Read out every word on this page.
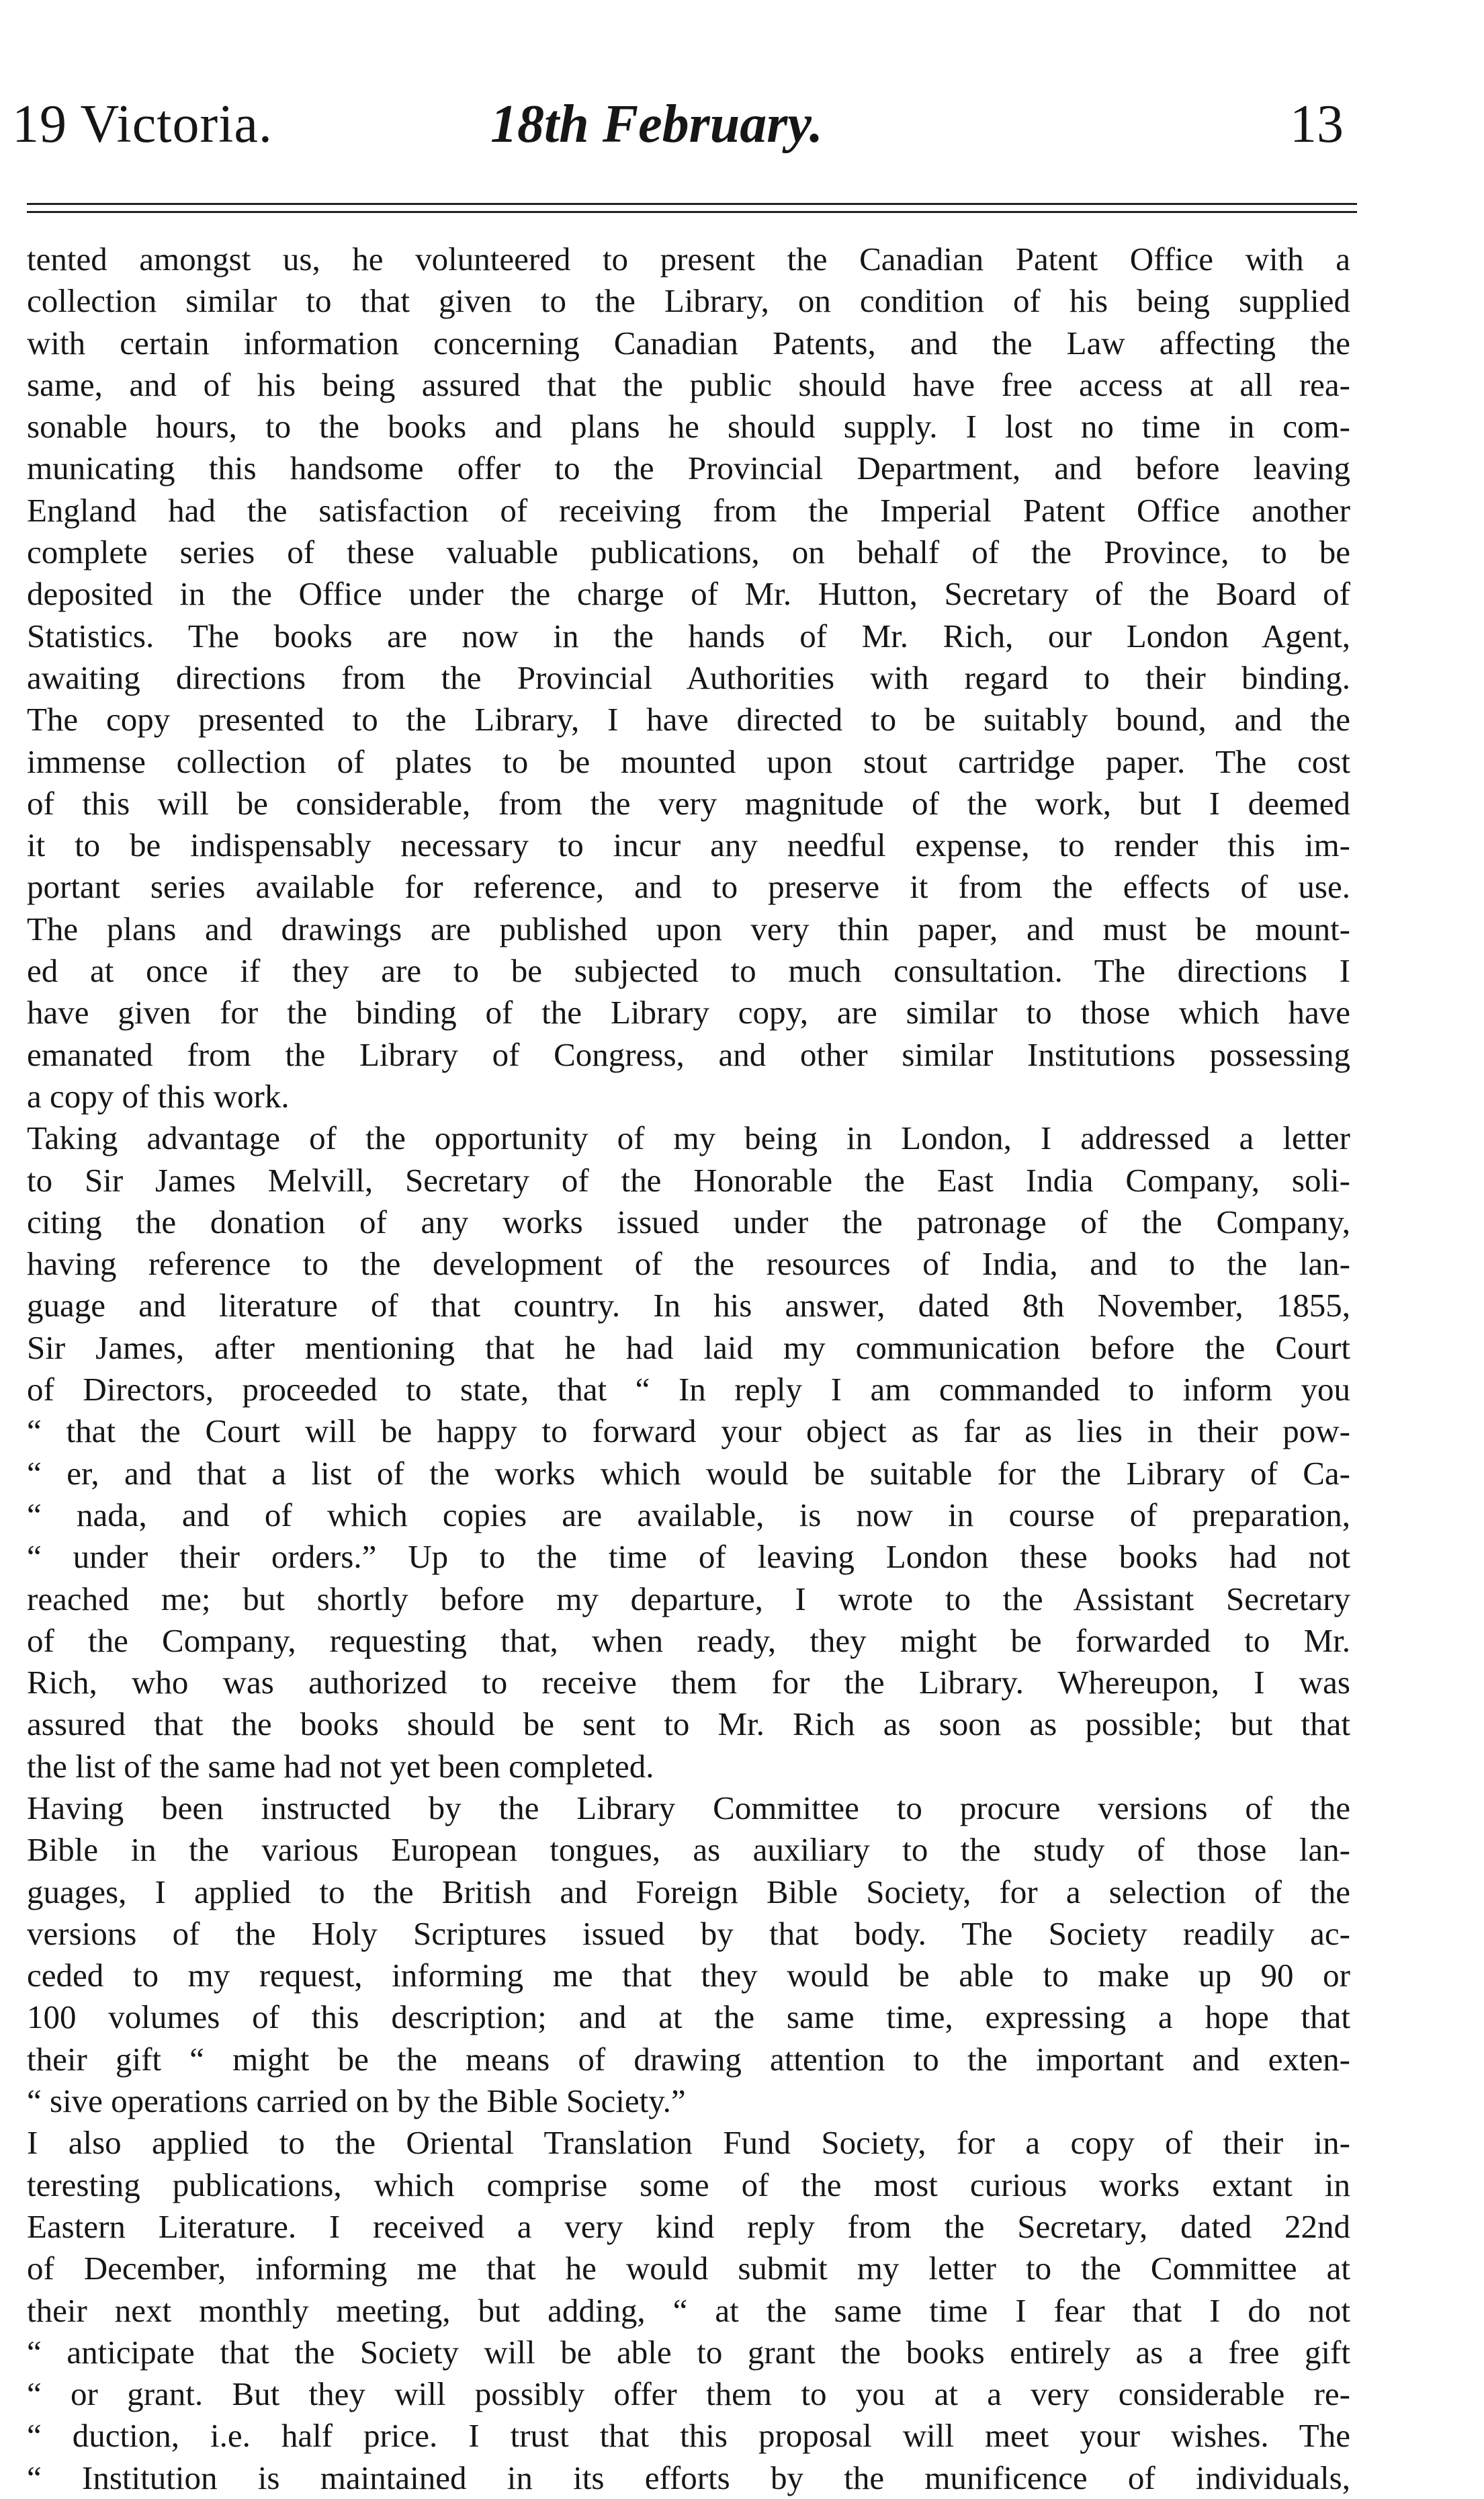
19 Victoria.	18th February.	13
tented amongst us, he volunteered to present the Canadian Patent Office with a
collection similar to that given to the Library, on condition of his being supplied
with certain information concerning Canadian Patents, and the Law affecting the
same, and of his being assured that the public should have free access at all rea-
sonable hours, to the books and plans he should supply. I lost no time in com-
municating this handsome offer to the Provincial Department, and before leaving
England had the satisfaction of receiving from the Imperial Patent Office another
complete series of these valuable publications, on behalf of the Province, to be
deposited in the Office under the charge of Mr. Hutton, Secretary of the Board of
Statistics. The books are now in the hands of Mr. Rich, our London Agent,
awaiting directions from the Provincial Authorities with regard to their binding.
The copy presented to the Library, I have directed to be suitably bound, and the
immense collection of plates to be mounted upon stout cartridge paper. The cost
of this will be considerable, from the very magnitude of the work, but I deemed
it to be indispensably necessary to incur any needful expense, to render this im-
portant series available for reference, and to preserve it from the effects of use.
The plans and drawings are published upon very thin paper, and must be mount-
ed at once if they are to be subjected to much consultation. The directions I
have given for the binding of the Library copy, are similar to those which have
emanated from the Library of Congress, and other similar Institutions possessing
a copy of this work.
Taking advantage of the opportunity of my being in London, I addressed a letter
to Sir James Melvill, Secretary of the Honorable the East India Company, soli-
citing the donation of any works issued under the patronage of the Company,
having reference to the development of the resources of India, and to the lan-
guage and literature of that country. In his answer, dated 8th November, 1855,
Sir James, after mentioning that he had laid my communication before the Court
of Directors, proceeded to state, that “ In reply I am commanded to inform you
“ that the Court will be happy to forward your object as far as lies in their pow-
“ er, and that a list of the works which would be suitable for the Library of Ca-
“ nada, and of which copies are available, is now in course of preparation,
“ under their orders.” Up to the time of leaving London these books had not
reached me; but shortly before my departure, I wrote to the Assistant Secretary
of the Company, requesting that, when ready, they might be forwarded to Mr.
Rich, who was authorized to receive them for the Library. Whereupon, I was
assured that the books should be sent to Mr. Rich as soon as possible; but that
the list of the same had not yet been completed.
Having been instructed by the Library Committee to procure versions of the
Bible in the various European tongues, as auxiliary to the study of those lan-
guages, I applied to the British and Foreign Bible Society, for a selection of the
versions of the Holy Scriptures issued by that body. The Society readily ac-
ceded to my request, informing me that they would be able to make up 90 or
100 volumes of this description; and at the same time, expressing a hope that
their gift “ might be the means of drawing attention to the important and exten-
“ sive operations carried on by the Bible Society.”
I also applied to the Oriental Translation Fund Society, for a copy of their in-
teresting publications, which comprise some of the most curious works extant in
Eastern Literature. I received a very kind reply from the Secretary, dated 22nd
of December, informing me that he would submit my letter to the Committee at
their next monthly meeting, but adding, “ at the same time I fear that I do not
“ anticipate that the Society will be able to grant the books entirely as a free gift
“ or grant. But they will possibly offer them to you at a very considerable re-
“ duction, i.e. half price. I trust that this proposal will meet your wishes. The
“ Institution is maintained in its efforts by the munificence of individuals,
